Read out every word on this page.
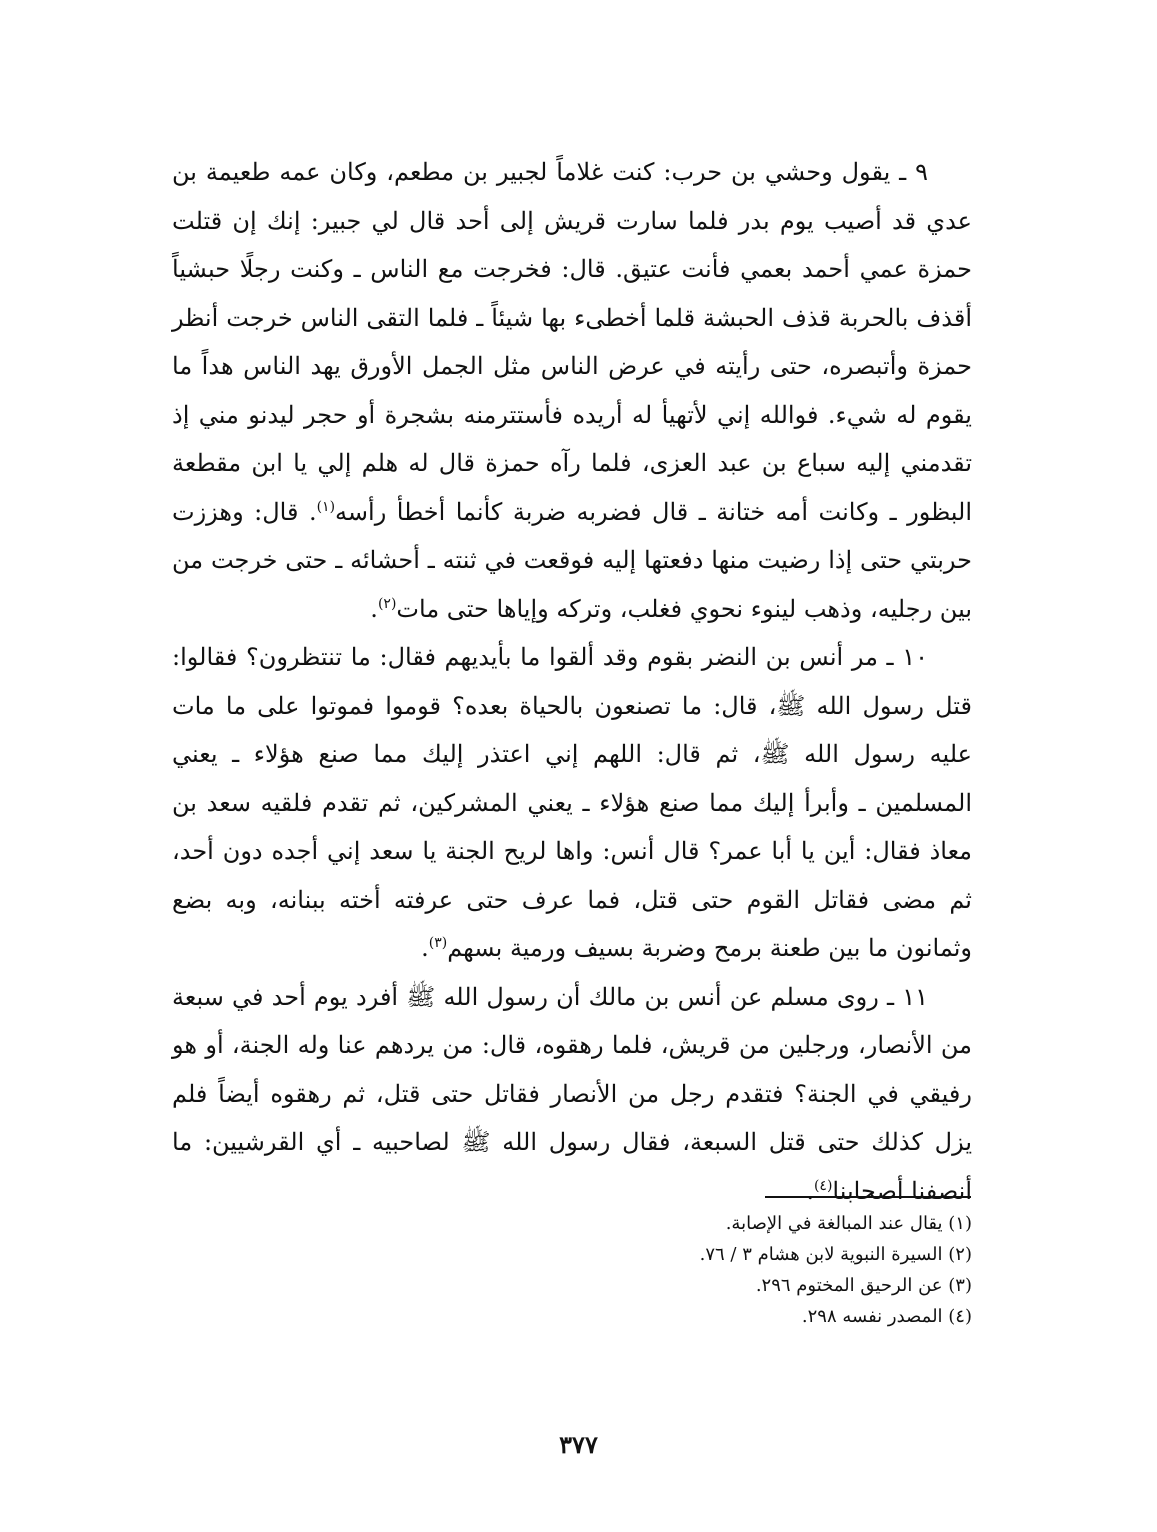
٩ ـ يقول وحشي بن حرب: كنت غلاماً لجبير بن مطعم، وكان عمه طعيمة بن عدي قد أصيب يوم بدر فلما سارت قريش إلى أحد قال لي جبير: إنك إن قتلت حمزة عمي أحمد بعمي فأنت عتيق. قال: فخرجت مع الناس ـ وكنت رجلًا حبشياً أقذف بالحربة قذف الحبشة قلما أخطىء بها شيئاً ـ فلما التقى الناس خرجت أنظر حمزة وأتبصره، حتى رأيته في عرض الناس مثل الجمل الأورق يهد الناس هداً ما يقوم له شيء. فوالله إني لأتهيأ له أريده فأستترمنه بشجرة أو حجر ليدنو مني إذ تقدمني إليه سباع بن عبد العزى، فلما رآه حمزة قال له هلم إلي يا ابن مقطعة البظور ـ وكانت أمه ختانة ـ قال فضربه ضربة كأنما أخطأ رأسه$^{(١)}$. قال: وهززت حربتي حتى إذا رضيت منها دفعتها إليه فوقعت في ثنته ـ أحشائه ـ حتى خرجت من بين رجليه، وذهب لينوء نحوي فغلب، وتركه وإياها حتى مات$^{(٢)}$.

١٠ ـ مر أنس بن النضر بقوم وقد ألقوا ما بأيديهم فقال: ما تنتظرون؟ فقالوا: قتل رسول الله ﷺ، قال: ما تصنعون بالحياة بعده؟ قوموا فموتوا على ما مات عليه رسول الله ﷺ، ثم قال: اللهم إني اعتذر إليك مما صنع هؤلاء ـ يعني المسلمين ـ وأبرأ إليك مما صنع هؤلاء ـ يعني المشركين، ثم تقدم فلقيه سعد بن معاذ فقال: أين يا أبا عمر؟ قال أنس: واها لريح الجنة يا سعد إني أجده دون أحد، ثم مضى فقاتل القوم حتى قتل، فما عرف حتى عرفته أخته ببنانه، وبه بضع وثمانون ما بين طعنة برمح وضربة بسيف ورمية بسهم$^{(٣)}$.

١١ ـ روى مسلم عن أنس بن مالك أن رسول الله ﷺ أفرد يوم أحد في سبعة من الأنصار، ورجلين من قريش، فلما رهقوه، قال: من يردهم عنا وله الجنة، أو هو رفيقي في الجنة؟ فتقدم رجل من الأنصار فقاتل حتى قتل، ثم رهقوه أيضاً فلم يزل كذلك حتى قتل السبعة، فقال رسول الله ﷺ لصاحبيه ـ أي القرشيين: ما أنصفنا أصحابنا$^{(٤)}$.

(١) يقال عند المبالغة في الإصابة.
(٢) السيرة النبوية لابن هشام ٣ / ٧٦.
(٣) عن الرحيق المختوم ٢٩٦.
(٤) المصدر نفسه ٢٩٨.
٣٧٧
